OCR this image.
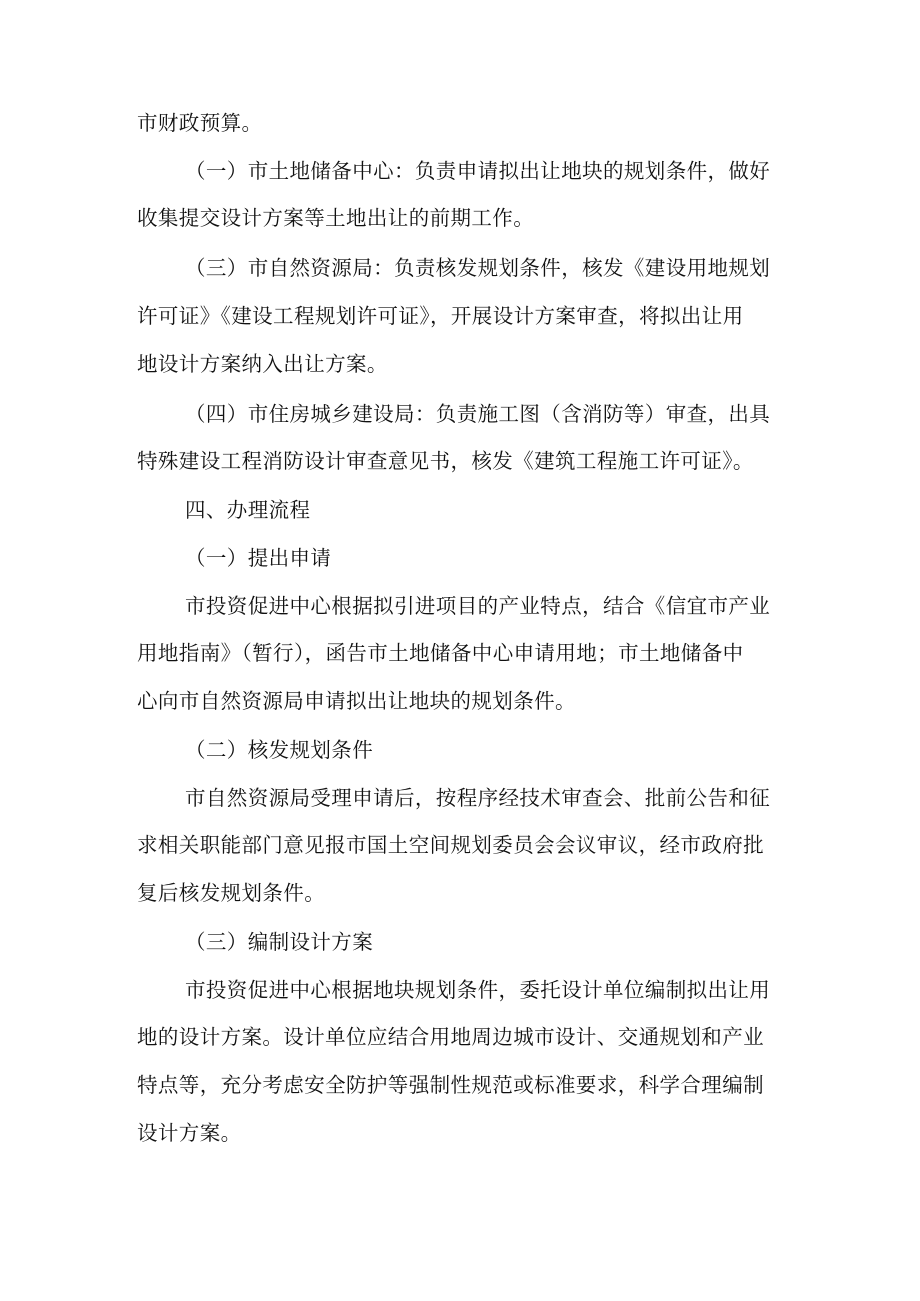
市财政预算。
（一）市土地储备中心：负责申请拟出让地块的规划条件，做好
收集提交设计方案等土地出让的前期工作。
（三）市自然资源局：负责核发规划条件，核发《建设用地规划
许可证》《建设工程规划许可证》，开展设计方案审查，将拟出让用
地设计方案纳入出让方案。
（四）市住房城乡建设局：负责施工图（含消防等）审查，出具
特殊建设工程消防设计审查意见书，核发《建筑工程施工许可证》。
四、办理流程
（一）提出申请
市投资促进中心根据拟引进项目的产业特点，结合《信宜市产业
用地指南》（暂行），函告市土地储备中心申请用地；市土地储备中
心向市自然资源局申请拟出让地块的规划条件。
（二）核发规划条件
市自然资源局受理申请后，按程序经技术审查会、批前公告和征
求相关职能部门意见报市国土空间规划委员会会议审议，经市政府批
复后核发规划条件。
（三）编制设计方案
市投资促进中心根据地块规划条件，委托设计单位编制拟出让用
地的设计方案。设计单位应结合用地周边城市设计、交通规划和产业
特点等，充分考虑安全防护等强制性规范或标准要求，科学合理编制
设计方案。
